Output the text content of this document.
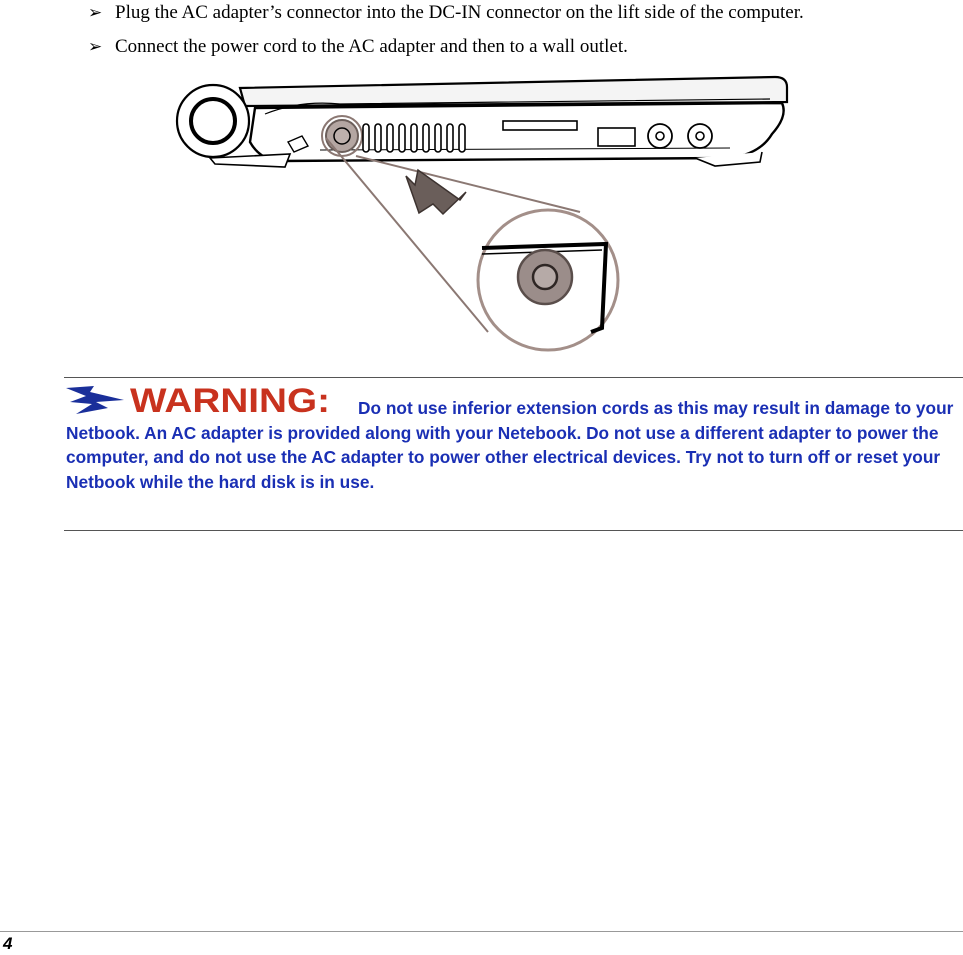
➢ Plug the AC adapter’s connector into the DC-IN connector on the lift side of the computer.
➢ Connect the power cord to the AC adapter and then to a wall outlet.
WARNING: Do not use inferior extension cords as this may result in damage to your Netbook. An AC adapter is provided along with your Netebook. Do not use a different adapter to power the computer, and do not use the AC adapter to power other electrical devices. Try not to turn off or reset your Netbook while the hard disk is in use.
4
